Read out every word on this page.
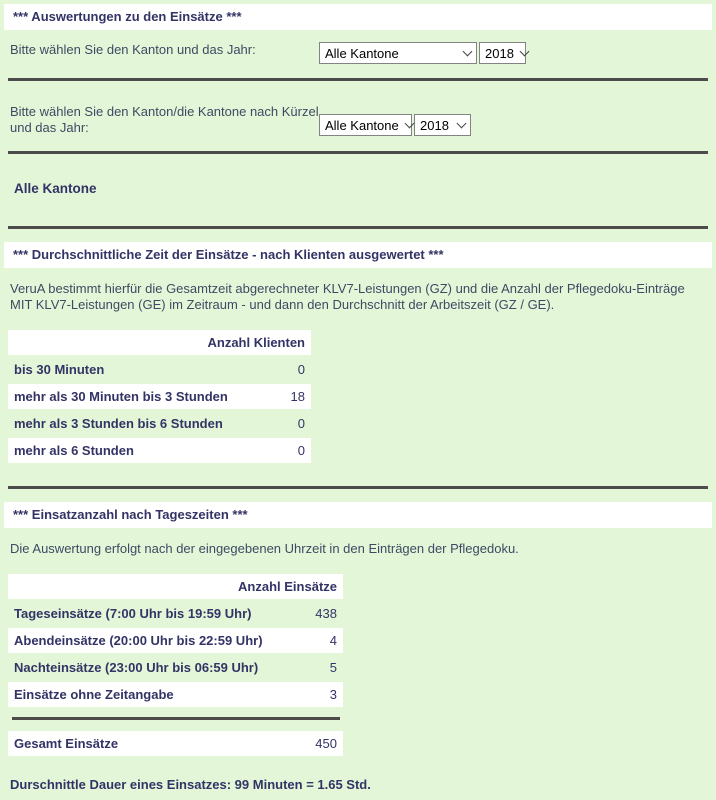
*** Auswertungen zu den Einsätze ***
Bitte wählen Sie den Kanton und das Jahr:	Alle Kantone	2018
Bitte wählen Sie den Kanton/die Kantone nach Kürzel und das Jahr:	Alle Kantone 2018
Alle Kantone
*** Durchschnittliche Zeit der Einsätze - nach Klienten ausgewertet ***
VeruA bestimmt hierfür die Gesamtzeit abgerechneter KLV7-Leistungen (GZ) und die Anzahl der Pflegedoku-Einträge MIT KLV7-Leistungen (GE) im Zeitraum - und dann den Durchschnitt der Arbeitszeit (GZ / GE).
Anzahl Klienten	
bis 30 Minuten	0
mehr als 30 Minuten bis 3 Stunden	18
mehr als 3 Stunden bis 6 Stunden	0
mehr als 6 Stunden	0
*** Einsatzanzahl nach Tageszeiten ***
Die Auswertung erfolgt nach der eingegebenen Uhrzeit in den Einträgen der Pflegedoku.
Anzahl Einsätze	
Tageseinsätze (7:00 Uhr bis 19:59 Uhr)	438
Abendeinsätze (20:00 Uhr bis 22:59 Uhr)	4
Nachteinsätze (23:00 Uhr bis 06:59 Uhr)	5
Einsätze ohne Zeitangabe	3
Gesamt Einsätze	450
Durschnittle Dauer eines Einsatzes: 99 Minuten = 1.65 Std.
